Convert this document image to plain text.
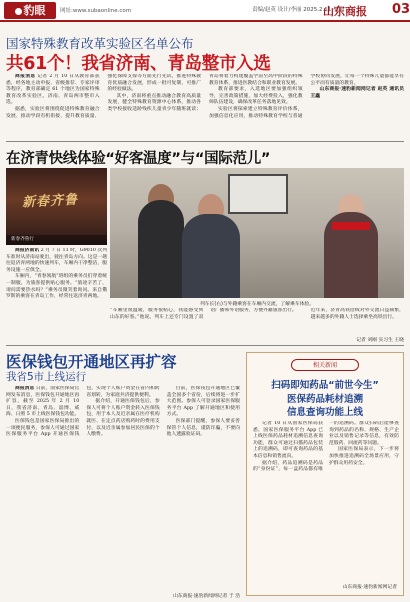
豹眼	网址:www.subaonline.com	责编/赵英 设计/李丽 2025.2.11 星期二
山东商报 03
国家特殊教育改革实验区名单公布
共61个！我省济南、青岛整市入选

商报消息 记者 2 月 10 日从教育部获悉，经各地主动申报、省级推荐、专家评审等程序，教育部确定 61 个地区为国家特殊教育改革实验区。济南、青岛两市整市入选。

据悉，实验区将围绕促进特殊教育融合发展、推动学段有机衔接、提升教育质量、强化保障支撑等方面先行先试，推进特殊教育优质融合发展，形成一批可复制、可推广的经验做法。

其中，济南将重点推动融合教育高质量发展，健全特殊教育资源中心体系，推动各类学校接收适龄残疾儿童青少年随班就读；青岛将着力构建覆盖学前至高中阶段的特殊教育体系，推进医教结合和职业教育发展。

教育部要求，入选地区要加强组织领导，完善政策措施，加大经费投入，强化教师队伍建设，确保改革任务落地见效。

实验区将探索建立特殊教育评价体系，加强信息化应用，推动特殊教育学校与普通学校协同发展，让每一个特殊儿童都能享有公平而有质量的教育。

山东商报·速豹新闻网记者 赵英 通讯员 王鑫

在济青快线体验“好客温度”与“国际范儿”
新春齐鲁
新春齐鲁行
列车长(右)与外籍乘客在车厢内交流，了解乘车体验。

商报济南讯 2 月 7 日 11 时，G9010 次列车准时从济南站驶出，驶往青岛方向。这是一趟往返济青两地的快速列车，车厢内干净整洁，服务设施一应俱全。

车厢内，“青春领航”班组的乘务员们穿着统一制服，为旅客提供贴心服务。“旅途辛苦了，请问需要热水吗？”乘务员微笑着询问。来自俄罗斯的乘客在青岛工作，经常往返济青两地。

“车厢里很温暖，服务很贴心，我能感受到山东的好客。”他说。列车上还专门设置了双语广播和外语服务，方便外籍旅客出行。	近年来，济青高铁沿线对外交流日益频繁，越来越多的外籍人士选择乘坐高铁出行。

记者 刘刚 实习生 王晓
医保钱包开通地区再扩容
我省5市上线运行

商报消息 日前，国家医保局官网发布消息，医保钱包开通地区再扩容，截至 2025 年 2 月 10 日，我省济南、青岛、淄博、威海、日照 5 市上线医保钱包功能。

医保钱包是国家医保局推出的一项便民服务，参保人可通过国家医保服务平台 App 开通医保钱包，实现个人账户资金在省内和跨省划转，为家庭共济提供便利。

据介绍，开通医保钱包后，参保人可将个人账户资金转入医保钱包，用于本人及近亲属在医疗机构就医、在定点药店购药时的费用支付，以及近亲属参加居民医保的个人缴费。

目前，医保钱包开通地区已覆盖全国多个省份，后续将进一步扩大范围。参保人可登录国家医保服务平台 App 了解开通地区和使用方式。

医保部门提醒，参保人要妥善保管个人信息，谨防诈骗，不要向他人透露验证码。

山东商报·速豹新闻网记者 于 浩
相关新闻
扫码即知药品“前世今生”
医保药品耗材追溯
信息查询功能上线

记者 10 日从国家医保局获悉，国家医保服务平台 App 已上线医保药品耗材追溯信息查询功能，群众可通过扫描药品包装上的追溯码，即可查询药品的基本信息和销售流向。

据介绍，药品追溯码是药品的“身份证”，每一盒药品都有唯一的追溯码。群众扫码后能够查询到药品的名称、规格、生产企业以及销售记录等信息，有效防范假药、回流药等问题。

国家医保局表示，下一步将加快推进追溯码全场景应用，守护群众用药安全。

山东商报·速豹新闻网记者
